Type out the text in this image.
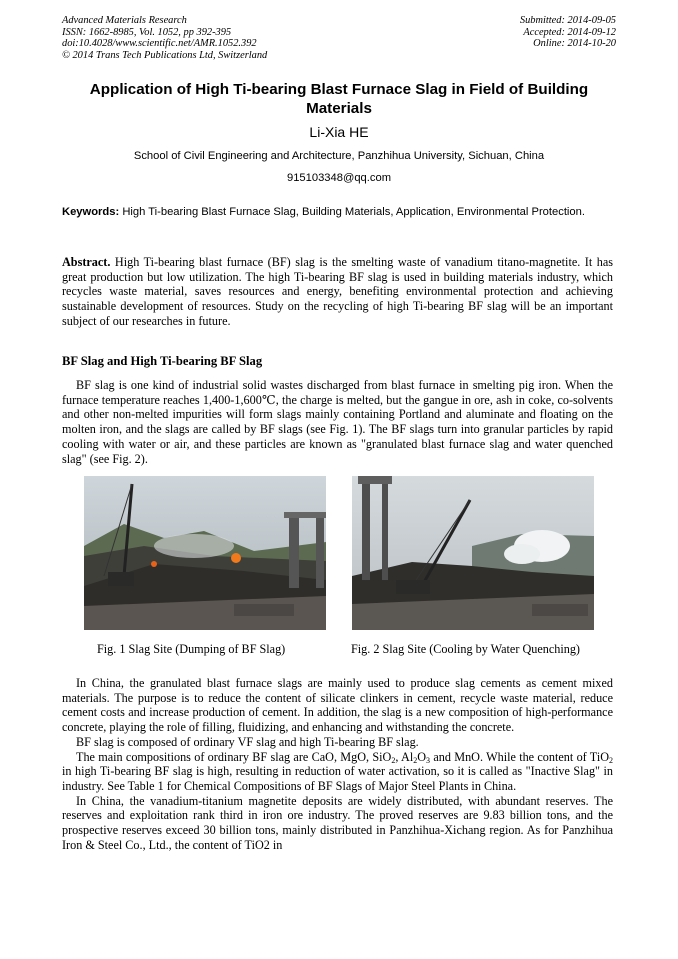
Advanced Materials Research
ISSN: 1662-8985, Vol. 1052, pp 392-395
doi:10.4028/www.scientific.net/AMR.1052.392
© 2014 Trans Tech Publications Ltd, Switzerland
Submitted: 2014-09-05
Accepted: 2014-09-12
Online: 2014-10-20
Application of High Ti-bearing Blast Furnace Slag in Field of Building Materials
Li-Xia HE
School of Civil Engineering and Architecture, Panzhihua University, Sichuan, China
915103348@qq.com
Keywords: High Ti-bearing Blast Furnace Slag, Building Materials, Application, Environmental Protection.
Abstract. High Ti-bearing blast furnace (BF) slag is the smelting waste of vanadium titano-magnetite. It has great production but low utilization. The high Ti-bearing BF slag is used in building materials industry, which recycles waste material, saves resources and energy, benefiting environmental protection and achieving sustainable development of resources. Study on the recycling of high Ti-bearing BF slag will be an important subject of our researches in future.
BF Slag and High Ti-bearing BF Slag
BF slag is one kind of industrial solid wastes discharged from blast furnace in smelting pig iron. When the furnace temperature reaches 1,400-1,600℃, the charge is melted, but the gangue in ore, ash in coke, co-solvents and other non-melted impurities will form slags mainly containing Portland and aluminate and floating on the molten iron, and the slags are called by BF slags (see Fig. 1). The BF slags turn into granular particles by rapid cooling with water or air, and these particles are known as "granulated blast furnace slag and water quenched slag" (see Fig. 2).
Fig. 1 Slag Site (Dumping of BF Slag)	Fig. 2 Slag Site (Cooling by Water Quenching)
In China, the granulated blast furnace slags are mainly used to produce slag cements as cement mixed materials. The purpose is to reduce the content of silicate clinkers in cement, recycle waste material, reduce cement costs and increase production of cement. In addition, the slag is a new composition of high-performance concrete, playing the role of filling, fluidizing, and enhancing and withstanding the concrete.
BF slag is composed of ordinary VF slag and high Ti-bearing BF slag.
The main compositions of ordinary BF slag are CaO, MgO, SiO$_2$, $Al_2O_3$ and MnO. While the content of TiO$_2$ in high Ti-bearing BF slag is high, resulting in reduction of water activation, so it is called as "Inactive Slag" in industry. See Table 1 for Chemical Compositions of BF Slags of Major Steel Plants in China.
In China, the vanadium-titanium magnetite deposits are widely distributed, with abundant reserves. The reserves and exploitation rank third in iron ore industry. The proved reserves are 9.83 billion tons, and the prospective reserves exceed 30 billion tons, mainly distributed in Panzhihua-Xichang region. As for Panzhihua Iron & Steel Co., Ltd., the content of TiO2 in
